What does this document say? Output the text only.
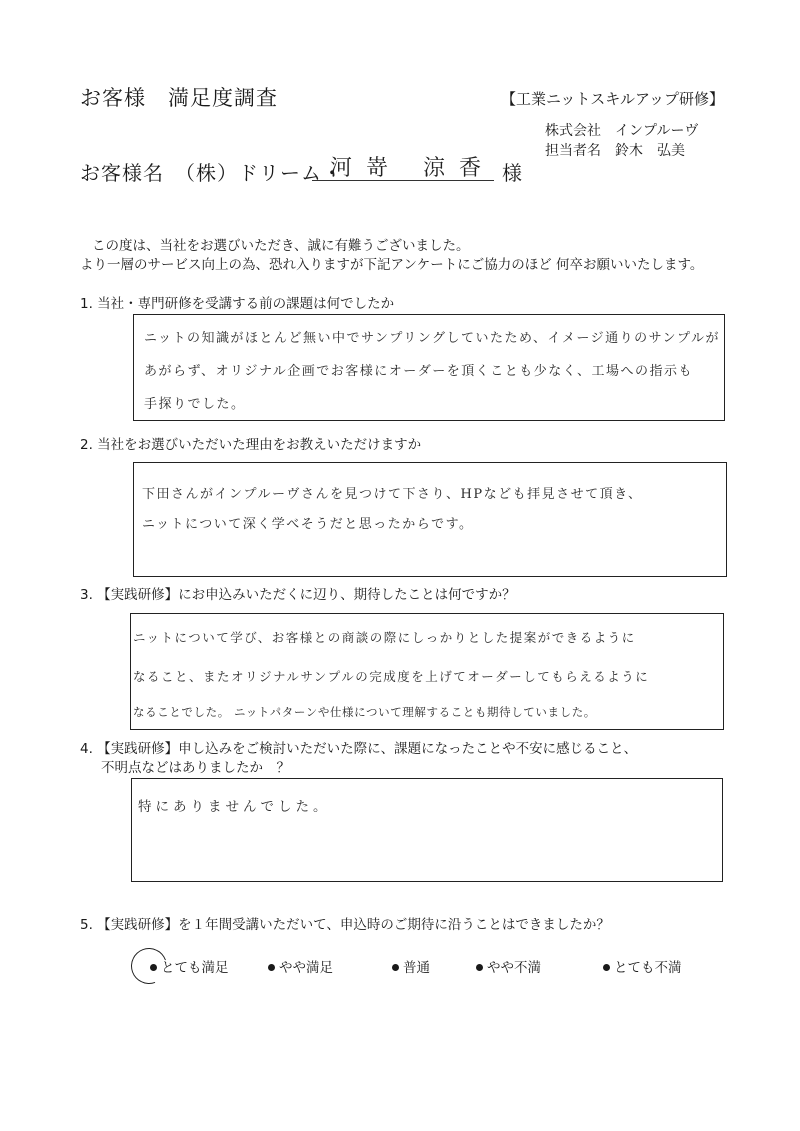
お客様　満足度調査	【工業ニットスキルアップ研修】
株式会社　インプルーヴ
担当者名　鈴木　弘美
お客様名　（株）ドリーム・
河嵜 涼香 様
この度は、当社をお選びいただき、誠に有難うございました。
より一層のサービス向上の為、恐れ入りますが下記アンケートにご協力のほど 何卒お願いいたします。
1. 当社・専門研修を受講する前の課題は何でしたか
ニットの知識がほとんど無い中でサンプリングしていたため、イメージ通りのサンプルが
あがらず、オリジナル企画でお客様にオーダーを頂くことも少なく、工場への指示も
手探りでした。
2. 当社をお選びいただいた理由をお教えいただけますか
下田さんがインプルーヴさんを見つけて下さり、HPなども拝見させて頂き、
ニットについて深く学べそうだと思ったからです。
3. 【実践研修】にお申込みいただくに辺り、期待したことは何ですか？
ニットについて学び、お客様との商談の際にしっかりとした提案ができるように
なること、またオリジナルサンプルの完成度を上げてオーダーしてもらえるように
なることでした。 ニットパターンや仕様について理解することも期待していました。
4. 【実践研修】申し込みをご検討いただいた際に、課題になったことや不安に感じること、
不明点などはありましたか　？
特にありませんでした。
5. 【実践研修】を１年間受講いただいて、申込時のご期待に沿うことはできましたか？
とても満足	やや満足	普通	やや不満	とても不満
